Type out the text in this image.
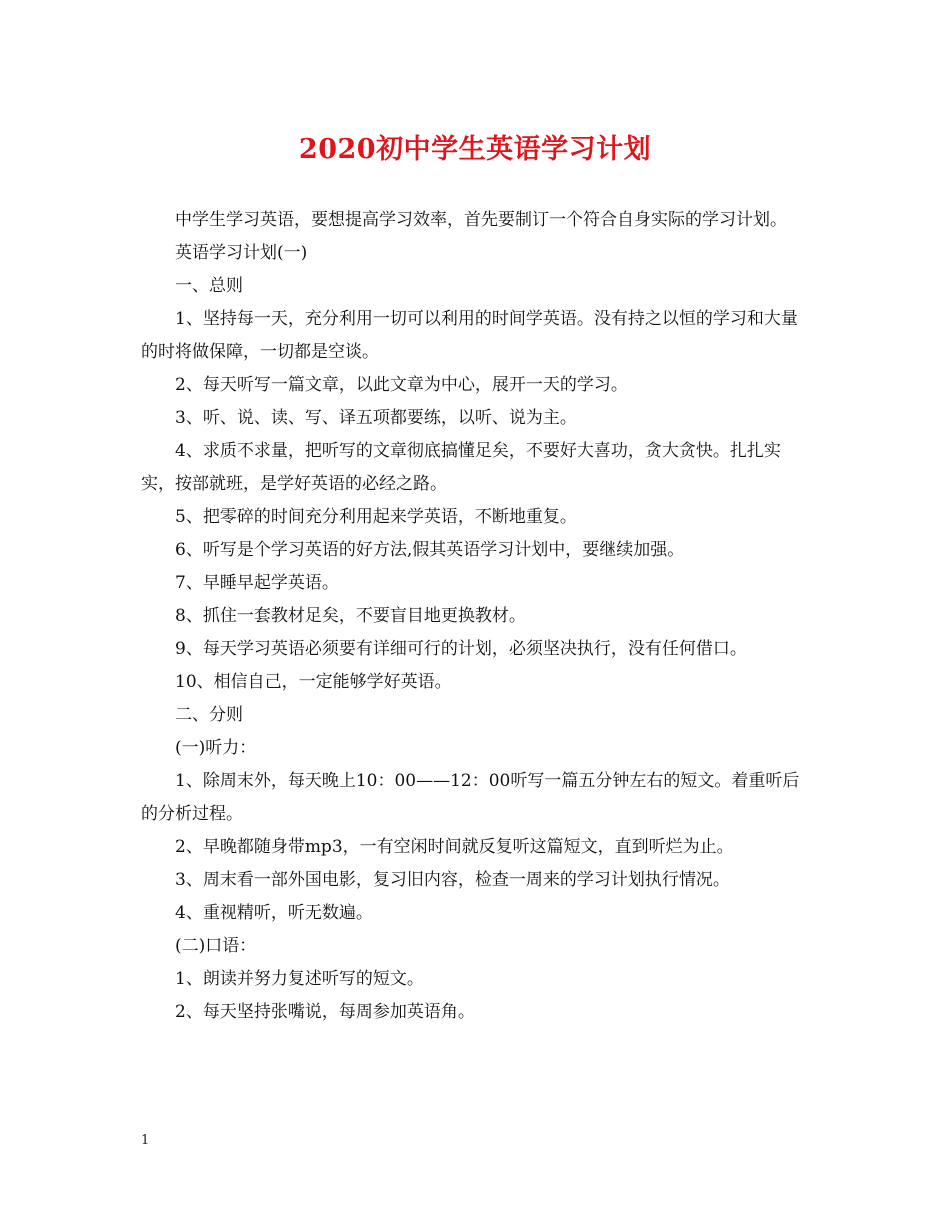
2020初中学生英语学习计划

中学生学习英语，要想提高学习效率，首先要制订一个符合自身实际的学习计划。

英语学习计划(一)

一、总则

1、坚持每一天，充分利用一切可以利用的时间学英语。没有持之以恒的学习和大量的时将做保障，一切都是空谈。

2、每天听写一篇文章，以此文章为中心，展开一天的学习。

3、听、说、读、写、译五项都要练，以听、说为主。

4、求质不求量，把听写的文章彻底搞懂足矣，不要好大喜功，贪大贪快。扎扎实实，按部就班，是学好英语的必经之路。

5、把零碎的时间充分利用起来学英语，不断地重复。

6、听写是个学习英语的好方法,假其英语学习计划中，要继续加强。

7、早睡早起学英语。

8、抓住一套教材足矣，不要盲目地更换教材。

9、每天学习英语必须要有详细可行的计划，必须坚决执行，没有任何借口。

10、相信自己，一定能够学好英语。

二、分则

(一)听力：

1、除周末外，每天晚上10：00——12：00听写一篇五分钟左右的短文。着重听后的分析过程。

2、早晚都随身带mp3，一有空闲时间就反复听这篇短文，直到听烂为止。

3、周末看一部外国电影，复习旧内容，检查一周来的学习计划执行情况。

4、重视精听，听无数遍。

(二)口语：

1、朗读并努力复述听写的短文。

2、每天坚持张嘴说，每周参加英语角。

1
